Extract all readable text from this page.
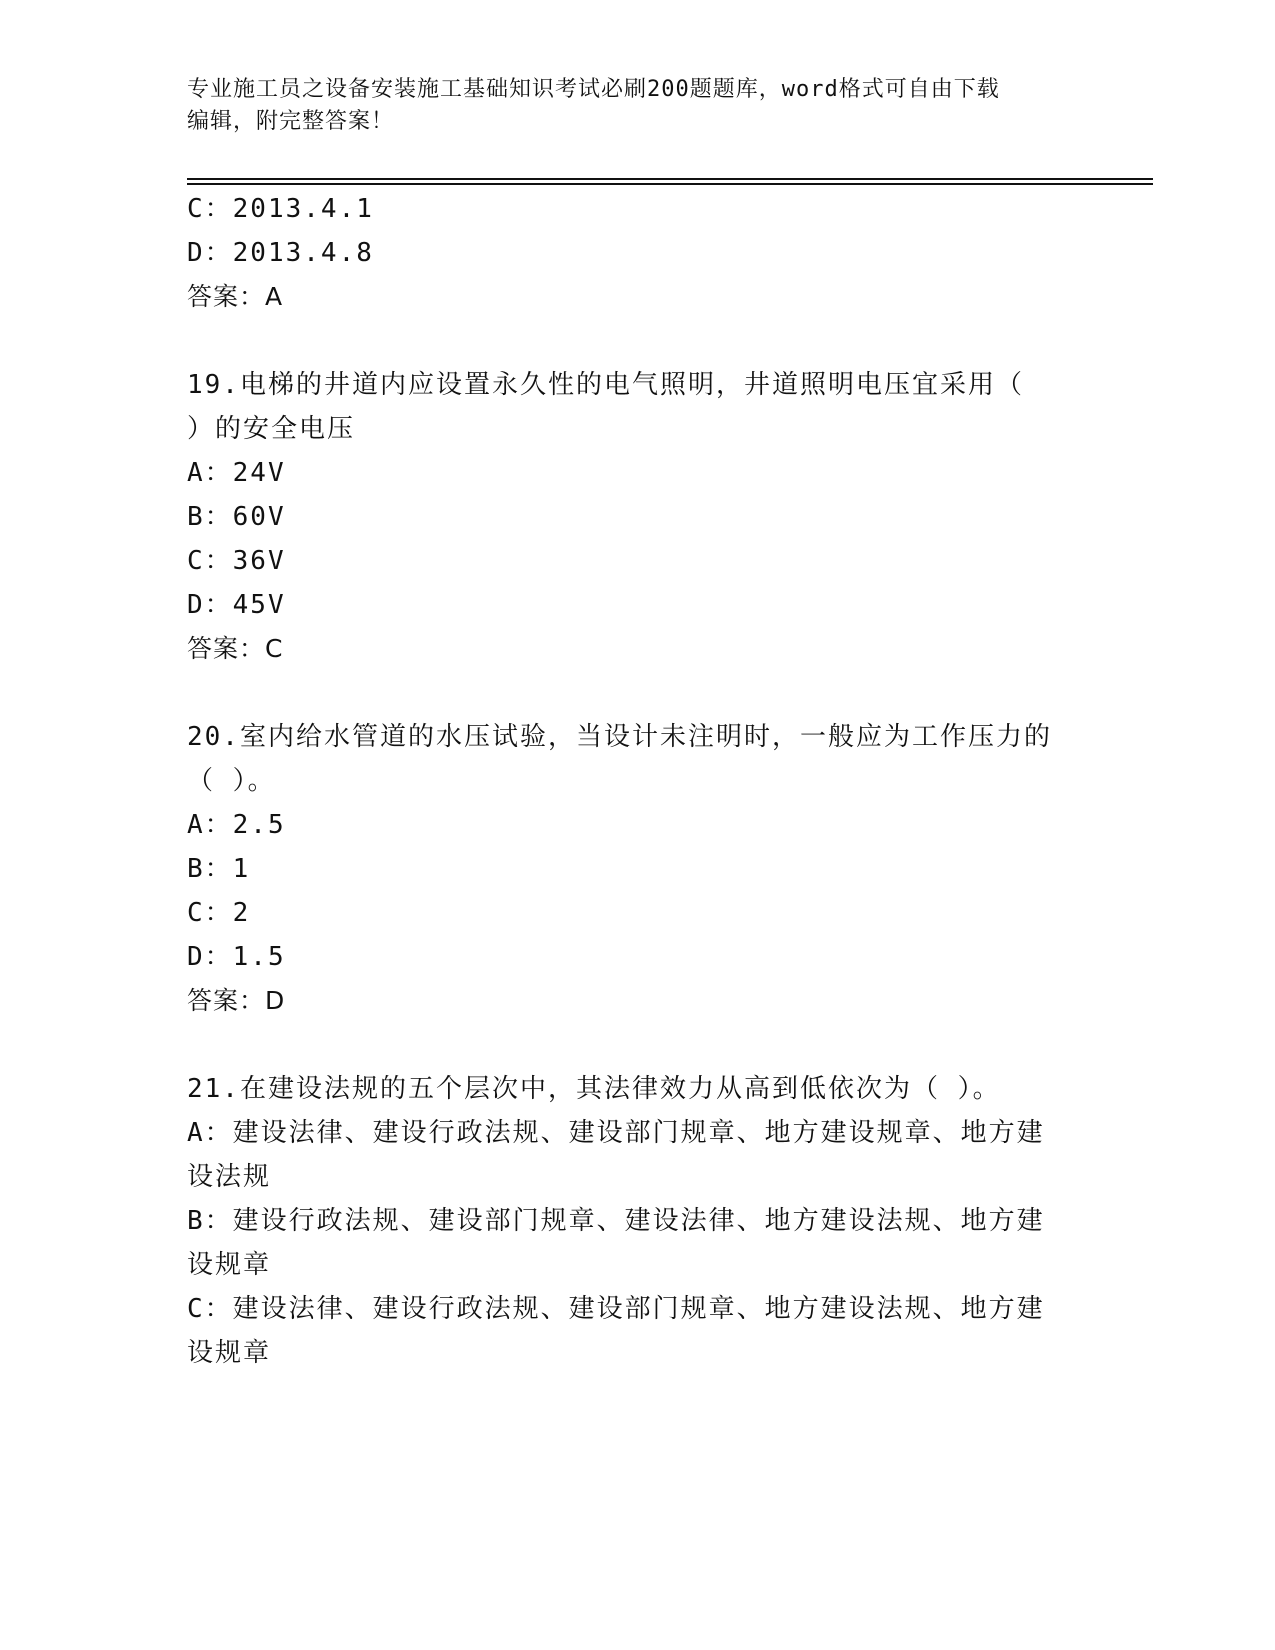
专业施工员之设备安装施工基础知识考试必刷200题题库，word格式可自由下载
编辑，附完整答案！
C：2013.4.1
D：2013.4.8
答案：A
19.电梯的井道内应设置永久性的电气照明，井道照明电压宜采用（
）的安全电压
A：24V
B：60V
C：36V
D：45V
答案：C
20.室内给水管道的水压试验，当设计未注明时，一般应为工作压力的
（ ）。
A：2.5
B：1
C：2
D：1.5
答案：D
21.在建设法规的五个层次中，其法律效力从高到低依次为（ ）。
A：建设法律、建设行政法规、建设部门规章、地方建设规章、地方建
设法规
B：建设行政法规、建设部门规章、建设法律、地方建设法规、地方建
设规章
C：建设法律、建设行政法规、建设部门规章、地方建设法规、地方建
设规章
